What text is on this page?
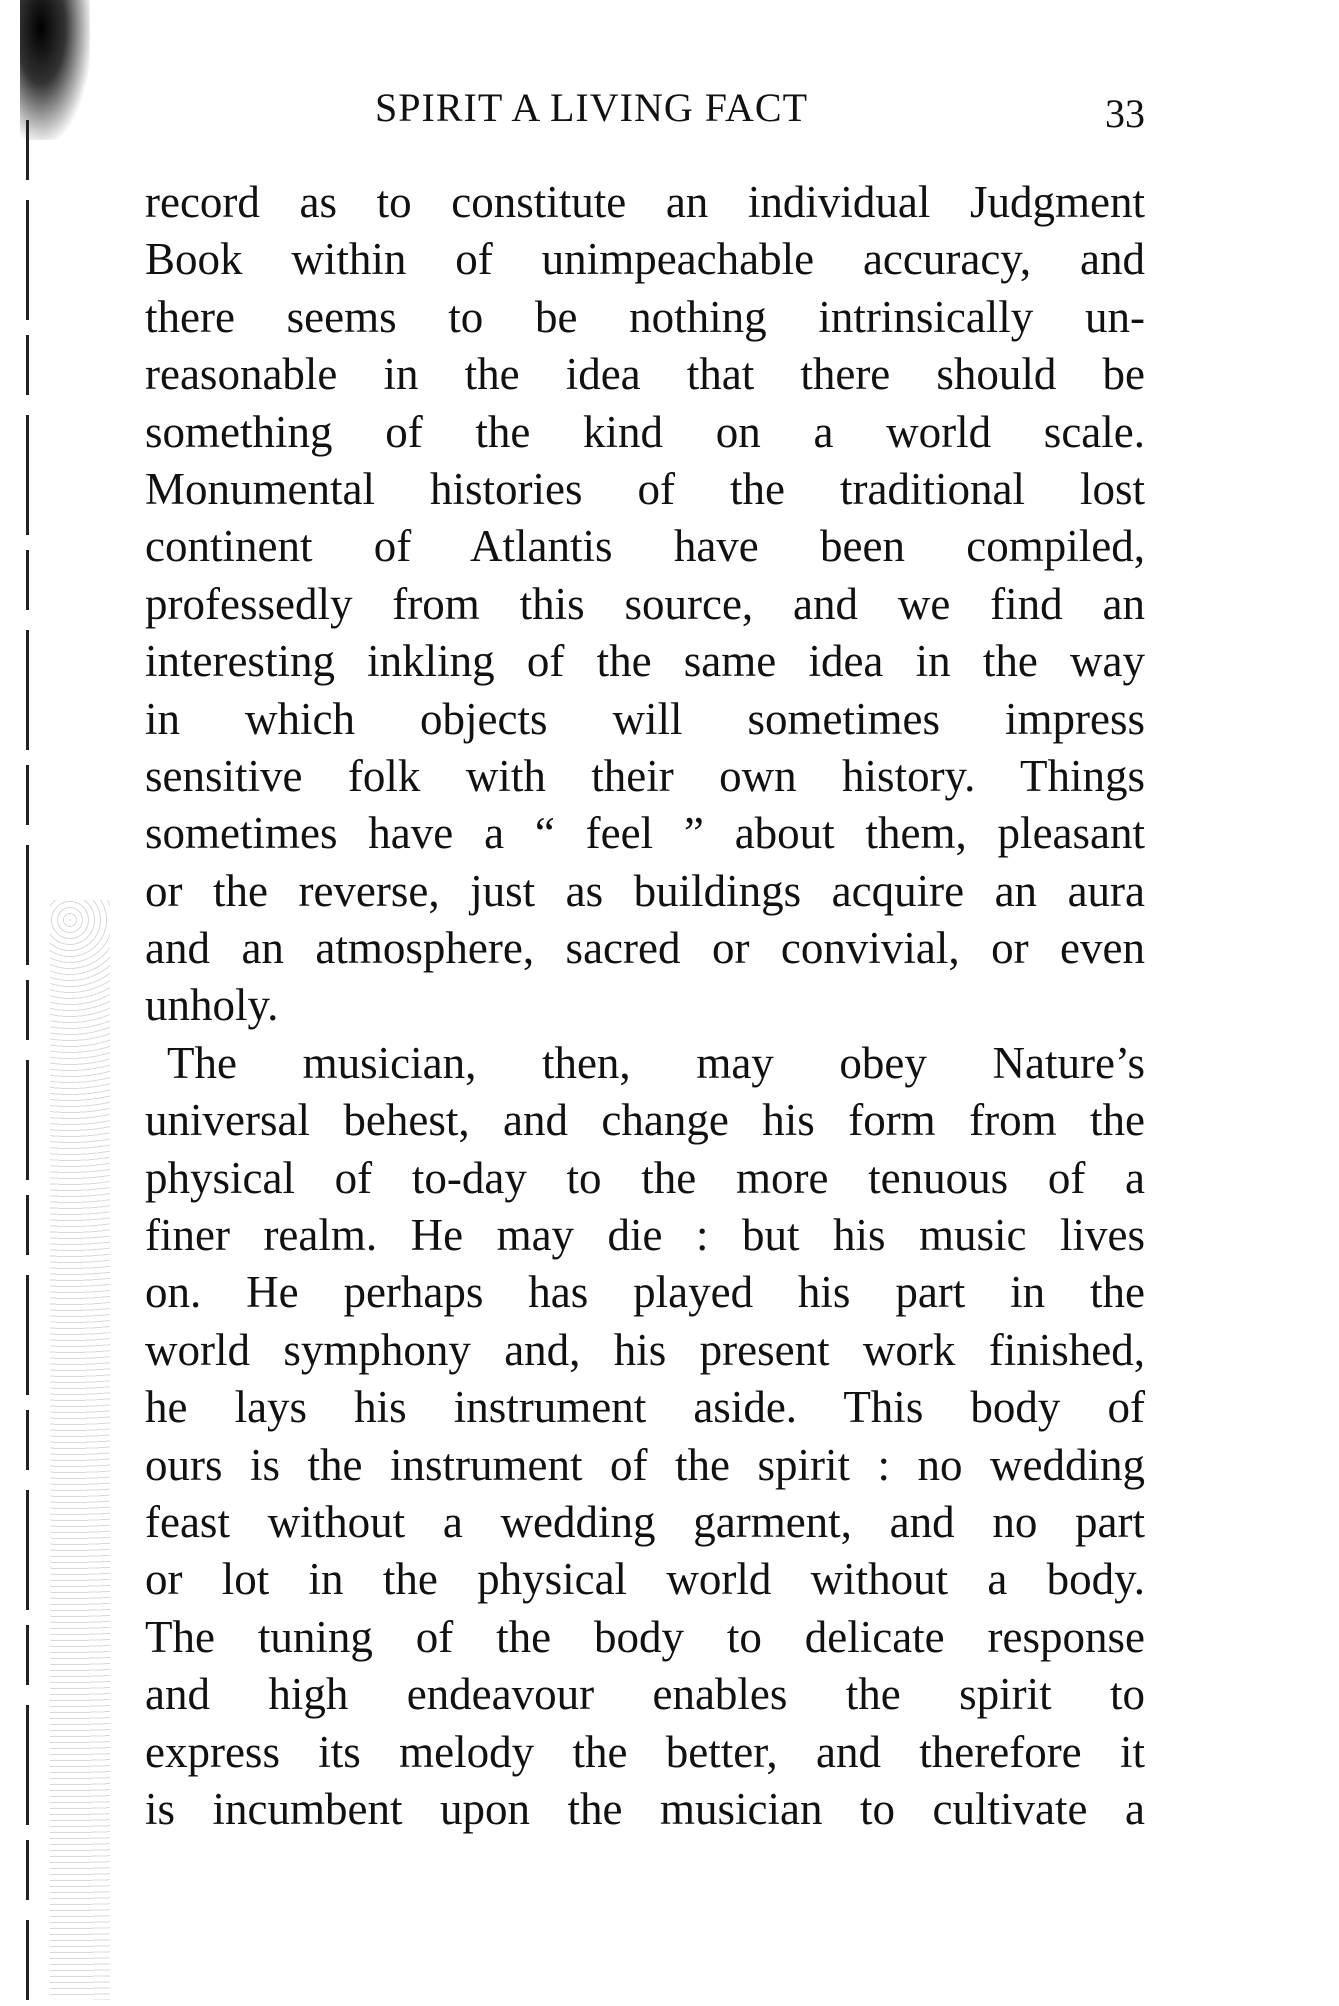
SPIRIT A LIVING FACT	33
record as to constitute an individual Judgment
Book within of unimpeachable accuracy, and
there seems to be nothing intrinsically un-
reasonable in the idea that there should be
something of the kind on a world scale.
Monumental histories of the traditional lost
continent of Atlantis have been compiled,
professedly from this source, and we find an
interesting inkling of the same idea in the way
in which objects will sometimes impress
sensitive folk with their own history. Things
sometimes have a “ feel ” about them, pleasant
or the reverse, just as buildings acquire an aura
and an atmosphere, sacred or convivial, or even
unholy.
The musician, then, may obey Nature’s
universal behest, and change his form from the
physical of to-day to the more tenuous of a
finer realm. He may die : but his music lives
on. He perhaps has played his part in the
world symphony and, his present work finished,
he lays his instrument aside. This body of
ours is the instrument of the spirit : no wedding
feast without a wedding garment, and no part
or lot in the physical world without a body.
The tuning of the body to delicate response
and high endeavour enables the spirit to
express its melody the better, and therefore it
is incumbent upon the musician to cultivate a
